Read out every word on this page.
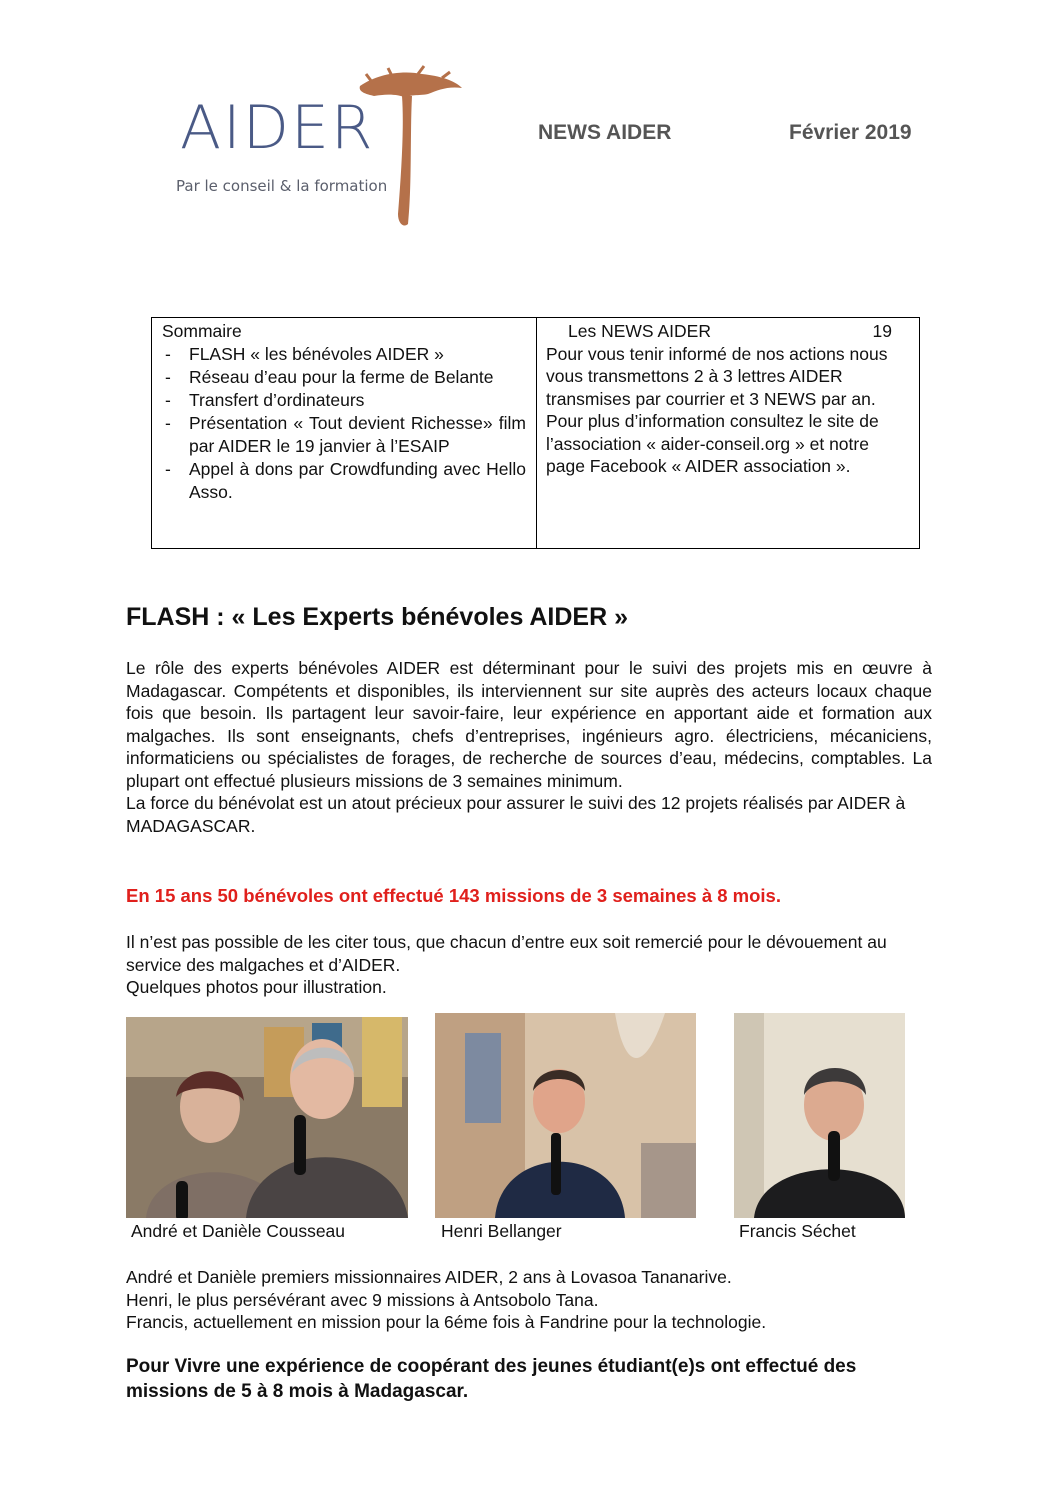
AIDER
Par le conseil & la formation
NEWS AIDER	Février 2019
Sommaire
- FLASH « les bénévoles AIDER »
- Réseau d’eau pour la ferme de Belante
- Transfert d’ordinateurs
- Présentation « Tout devient Richesse» film par AIDER le 19 janvier à l’ESAIP
- Appel à dons par Crowdfunding avec Hello Asso.
Les NEWS AIDER	19
Pour vous tenir informé de nos actions nous vous transmettons 2 à 3 lettres AIDER transmises par courrier et 3 NEWS par an. Pour plus d’information consultez le site de l’association « aider-conseil.org » et notre page Facebook « AIDER association ».
FLASH : « Les Experts bénévoles AIDER »

Le rôle des experts bénévoles AIDER est déterminant pour le suivi des projets mis en œuvre à Madagascar. Compétents et disponibles, ils interviennent sur site auprès des acteurs locaux chaque fois que besoin. Ils partagent leur savoir-faire, leur expérience en apportant aide et formation aux malgaches. Ils sont enseignants, chefs d’entreprises, ingénieurs agro. électriciens, mécaniciens, informaticiens ou spécialistes de forages, de recherche de sources d’eau, médecins, comptables. La plupart ont effectué plusieurs missions de 3 semaines minimum.

La force du bénévolat est un atout précieux pour assurer le suivi des 12 projets réalisés par AIDER à MADAGASCAR.

En 15 ans 50 bénévoles ont effectué 143 missions de 3 semaines à 8 mois.

Il n’est pas possible de les citer tous, que chacun d’entre eux soit remercié pour le dévouement au service des malgaches et d’AIDER.

Quelques photos pour illustration.

André et Danièle Cousseau	Henri Bellanger	Francis Séchet

André et Danièle premiers missionnaires AIDER, 2 ans à Lovasoa Tananarive.

Henri, le plus persévérant avec 9 missions à Antsobolo Tana.

Francis, actuellement en mission pour la 6éme fois à Fandrine pour la technologie.

Pour Vivre une expérience de coopérant des jeunes étudiant(e)s ont effectué des missions de 5 à 8 mois à Madagascar.
